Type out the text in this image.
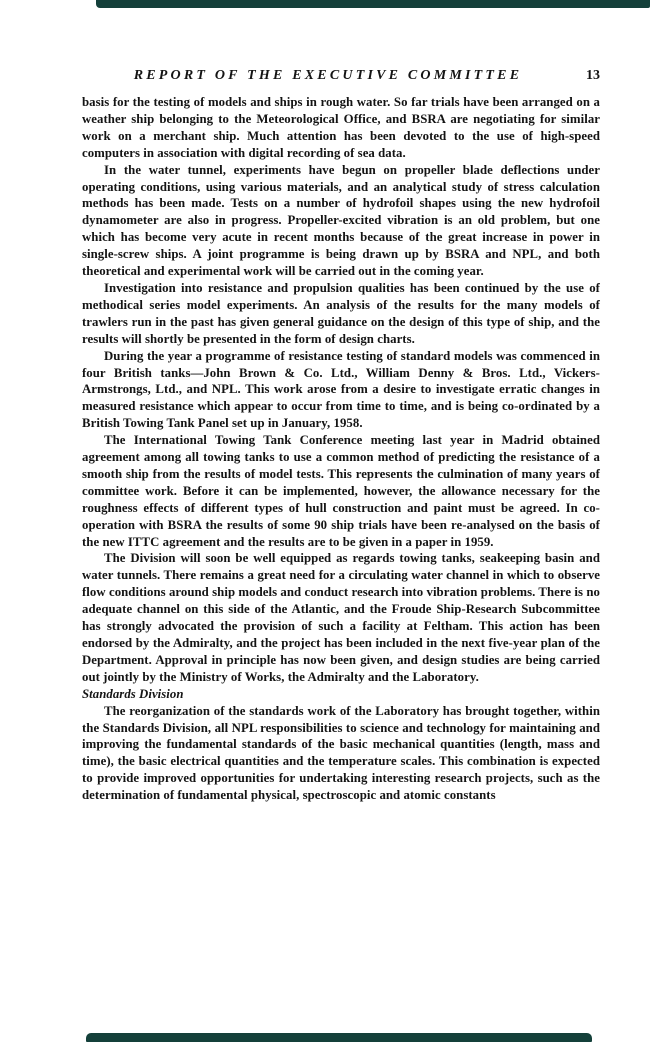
REPORT OF THE EXECUTIVE COMMITTEE	13

basis for the testing of models and ships in rough water. So far trials have been arranged on a weather ship belonging to the Meteorological Office, and BSRA are negotiating for similar work on a merchant ship. Much attention has been devoted to the use of high-speed computers in association with digital recording of sea data.

In the water tunnel, experiments have begun on propeller blade deflections under operating conditions, using various materials, and an analytical study of stress calculation methods has been made. Tests on a number of hydrofoil shapes using the new hydrofoil dynamometer are also in progress. Propeller-excited vibration is an old problem, but one which has become very acute in recent months because of the great increase in power in single-screw ships. A joint programme is being drawn up by BSRA and NPL, and both theoretical and experimental work will be carried out in the coming year.

Investigation into resistance and propulsion qualities has been continued by the use of methodical series model experiments. An analysis of the results for the many models of trawlers run in the past has given general guidance on the design of this type of ship, and the results will shortly be presented in the form of design charts.

During the year a programme of resistance testing of standard models was commenced in four British tanks—John Brown & Co. Ltd., William Denny & Bros. Ltd., Vickers-Armstrongs, Ltd., and NPL. This work arose from a desire to investigate erratic changes in measured resistance which appear to occur from time to time, and is being co-ordinated by a British Towing Tank Panel set up in January, 1958.

The International Towing Tank Conference meeting last year in Madrid obtained agreement among all towing tanks to use a common method of predicting the resistance of a smooth ship from the results of model tests. This represents the culmination of many years of committee work. Before it can be implemented, however, the allowance necessary for the roughness effects of different types of hull construction and paint must be agreed. In co-operation with BSRA the results of some 90 ship trials have been re-analysed on the basis of the new ITTC agreement and the results are to be given in a paper in 1959.

The Division will soon be well equipped as regards towing tanks, seakeeping basin and water tunnels. There remains a great need for a circulating water channel in which to observe flow conditions around ship models and conduct research into vibration problems. There is no adequate channel on this side of the Atlantic, and the Froude Ship-Research Subcommittee has strongly advocated the provision of such a facility at Feltham. This action has been endorsed by the Admiralty, and the project has been included in the next five-year plan of the Department. Approval in principle has now been given, and design studies are being carried out jointly by the Ministry of Works, the Admiralty and the Laboratory.

Standards Division

The reorganization of the standards work of the Laboratory has brought together, within the Standards Division, all NPL responsibilities to science and technology for maintaining and improving the fundamental standards of the basic mechanical quantities (length, mass and time), the basic electrical quantities and the temperature scales. This combination is expected to provide improved opportunities for undertaking interesting research projects, such as the determination of fundamental physical, spectroscopic and atomic constants
